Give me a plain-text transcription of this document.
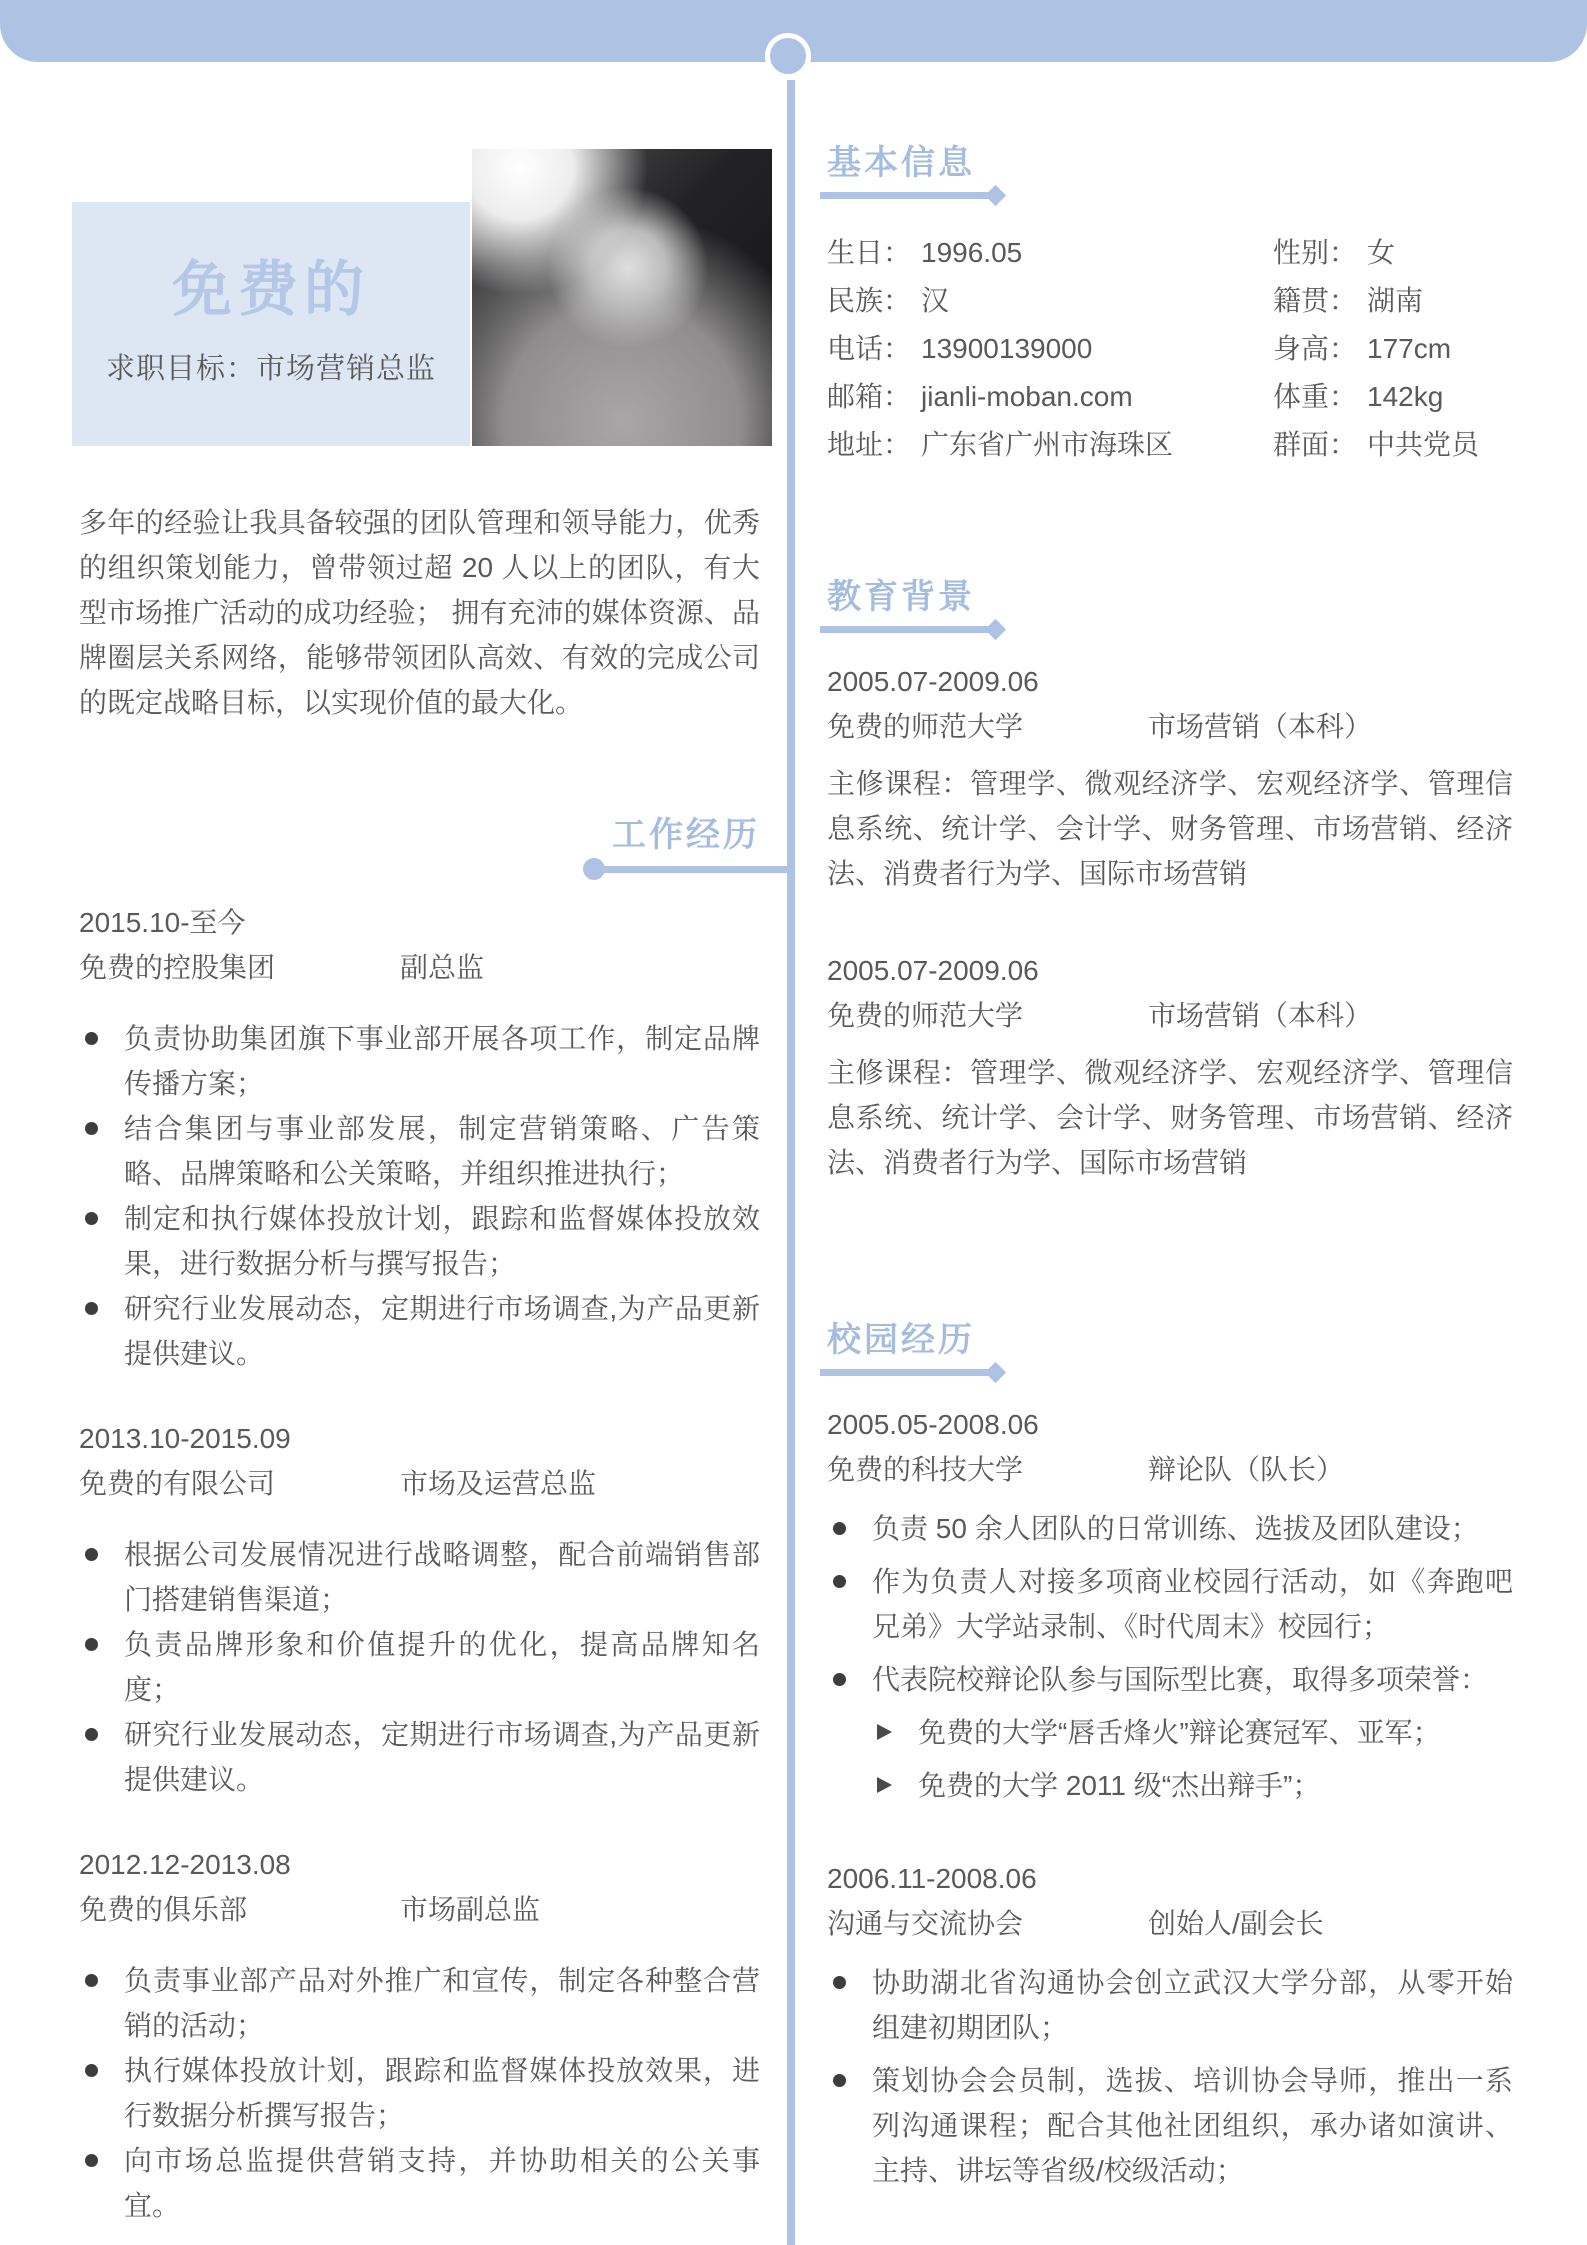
免费的
求职目标：市场营销总监

多年的经验让我具备较强的团队管理和领导能力，优秀的组织策划能力，曾带领过超 20 人以上的团队，有大型市场推广活动的成功经验； 拥有充沛的媒体资源、品牌圈层关系网络，能够带领团队高效、有效的完成公司的既定战略目标，以实现价值的最大化。

工作经历
2015.10-至今
免费的控股集团	副总监
负责协助集团旗下事业部开展各项工作，制定品牌传播方案；
结合集团与事业部发展，制定营销策略、广告策略、品牌策略和公关策略，并组织推进执行；
制定和执行媒体投放计划，跟踪和监督媒体投放效果，进行数据分析与撰写报告；
研究行业发展动态，定期进行市场调查,为产品更新提供建议。
2013.10-2015.09
免费的有限公司	市场及运营总监
根据公司发展情况进行战略调整，配合前端销售部门搭建销售渠道；
负责品牌形象和价值提升的优化，提高品牌知名度；
研究行业发展动态，定期进行市场调查,为产品更新提供建议。
2012.12-2013.08
免费的俱乐部	市场副总监
负责事业部产品对外推广和宣传，制定各种整合营销的活动；
执行媒体投放计划，跟踪和监督媒体投放效果，进行数据分析撰写报告；
向市场总监提供营销支持，并协助相关的公关事宜。
基本信息
生日： 1996.05	性别： 女
民族： 汉	籍贯： 湖南
电话： 13900139000	身高： 177cm
邮箱： jianli-moban.com	体重： 142kg
地址： 广东省广州市海珠区	群面： 中共党员
教育背景
2005.07-2009.06
免费的师范大学	市场营销（本科）

主修课程：管理学、微观经济学、宏观经济学、管理信息系统、统计学、会计学、财务管理、市场营销、经济法、消费者行为学、国际市场营销

2005.07-2009.06
免费的师范大学	市场营销（本科）

主修课程：管理学、微观经济学、宏观经济学、管理信息系统、统计学、会计学、财务管理、市场营销、经济法、消费者行为学、国际市场营销

校园经历
2005.05-2008.06
免费的科技大学	辩论队（队长）
负责 50 余人团队的日常训练、选拔及团队建设；
作为负责人对接多项商业校园行活动，如《奔跑吧兄弟》大学站录制、《时代周末》校园行；
代表院校辩论队参与国际型比赛，取得多项荣誉：
免费的大学“唇舌烽火”辩论赛冠军、亚军；
免费的大学 2011 级“杰出辩手”；
2006.11-2008.06
沟通与交流协会	创始人/副会长
协助湖北省沟通协会创立武汉大学分部，从零开始组建初期团队；
策划协会会员制，选拔、培训协会导师，推出一系列沟通课程；配合其他社团组织，承办诸如演讲、主持、讲坛等省级/校级活动；
